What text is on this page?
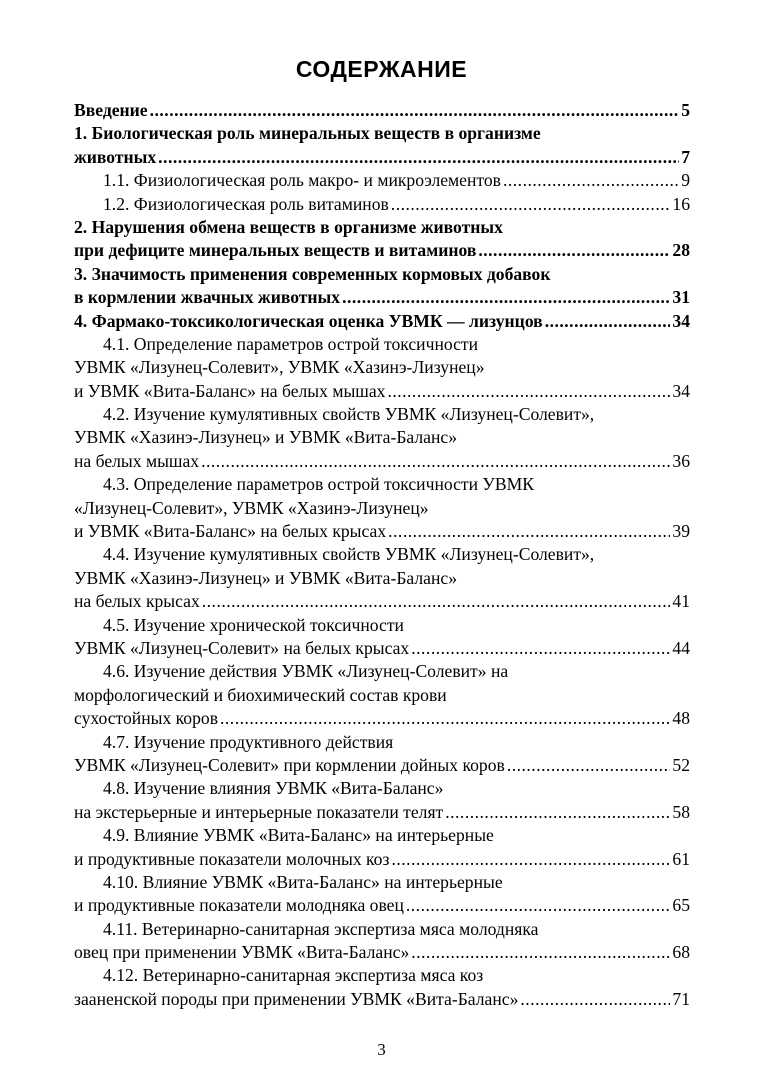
СОДЕРЖАНИЕ
Введение .....	5
1. Биологическая роль минеральных веществ в организме
животных .....	7
1.1. Физиологическая роль макро- и микроэлементов .....	9
1.2. Физиологическая роль витаминов .....	16
2. Нарушения обмена веществ в организме животных
при дефиците минеральных веществ и витаминов .....	28
3. Значимость применения современных кормовых добавок
в кормлении жвачных животных .....	31
4. Фармако-токсикологическая оценка УВМК — лизунцов .....	34
4.1. Определение параметров острой токсичности
УВМК «Лизунец-Солевит», УВМК «Хазинэ-Лизунец»
и УВМК «Вита-Баланс» на белых мышах .....	34
4.2. Изучение кумулятивных свойств УВМК «Лизунец-Солевит»,
УВМК «Хазинэ-Лизунец» и УВМК «Вита-Баланс»
на белых мышах .....	36
4.3. Определение параметров острой токсичности УВМК
«Лизунец-Солевит», УВМК «Хазинэ-Лизунец»
и УВМК «Вита-Баланс» на белых крысах .....	39
4.4. Изучение кумулятивных свойств УВМК «Лизунец-Солевит»,
УВМК «Хазинэ-Лизунец» и УВМК «Вита-Баланс»
на белых крысах .....	41
4.5. Изучение хронической токсичности
УВМК «Лизунец-Солевит» на белых крысах .....	44
4.6. Изучение действия УВМК «Лизунец-Солевит» на
морфологический и биохимический состав крови
сухостойных коров .....	48
4.7. Изучение продуктивного действия
УВМК «Лизунец-Солевит» при кормлении дойных коров .....	52
4.8. Изучение влияния УВМК «Вита-Баланс»
на экстерьерные и интерьерные показатели телят .....	58
4.9. Влияние УВМК «Вита-Баланс» на интерьерные
и продуктивные показатели молочных коз .....	61
4.10. Влияние УВМК «Вита-Баланс» на интерьерные
и продуктивные показатели молодняка овец .....	65
4.11. Ветеринарно-санитарная экспертиза мяса молодняка
овец при применении УВМК «Вита-Баланс» .....	68
4.12. Ветеринарно-санитарная экспертиза мяса коз
зааненской породы при применении УВМК «Вита-Баланс» .....	71
3
